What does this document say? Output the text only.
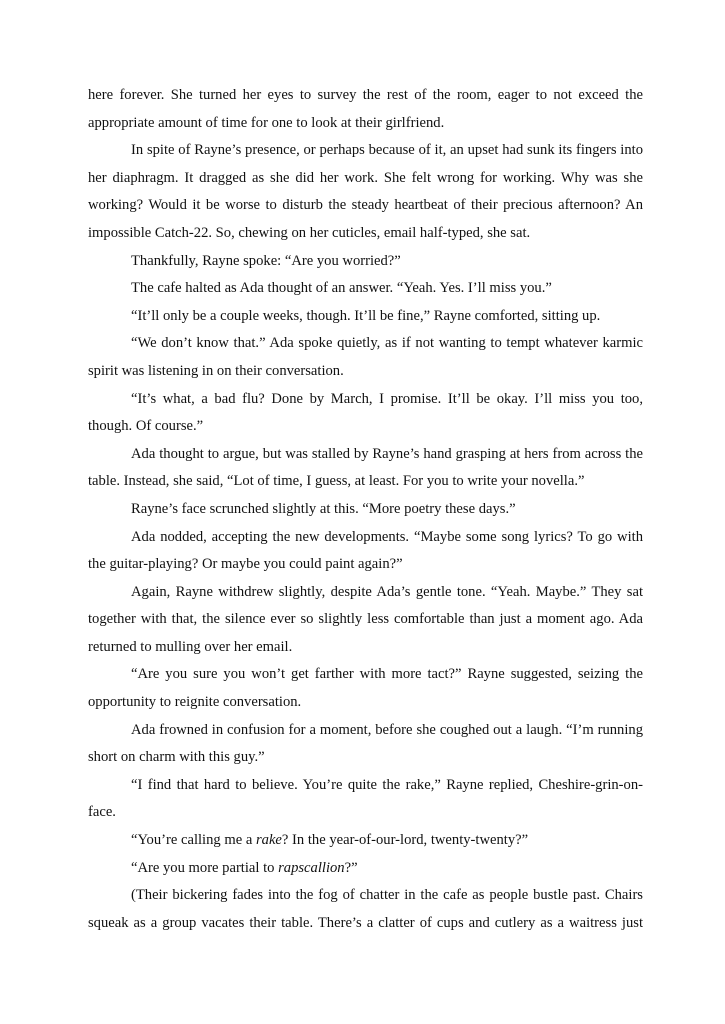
here forever. She turned her eyes to survey the rest of the room, eager to not exceed the appropriate amount of time for one to look at their girlfriend.

In spite of Rayne’s presence, or perhaps because of it, an upset had sunk its fingers into her diaphragm. It dragged as she did her work. She felt wrong for working. Why was she working? Would it be worse to disturb the steady heartbeat of their precious afternoon? An impossible Catch-22. So, chewing on her cuticles, email half-typed, she sat.

Thankfully, Rayne spoke: “Are you worried?”

The cafe halted as Ada thought of an answer. “Yeah. Yes. I’ll miss you.”

“It’ll only be a couple weeks, though. It’ll be fine,” Rayne comforted, sitting up.

“We don’t know that.” Ada spoke quietly, as if not wanting to tempt whatever karmic spirit was listening in on their conversation.

“It’s what, a bad flu? Done by March, I promise. It’ll be okay. I’ll miss you too, though. Of course.”

Ada thought to argue, but was stalled by Rayne’s hand grasping at hers from across the table. Instead, she said, “Lot of time, I guess, at least. For you to write your novella.”

Rayne’s face scrunched slightly at this. “More poetry these days.”

Ada nodded, accepting the new developments. “Maybe some song lyrics? To go with the guitar-playing? Or maybe you could paint again?”

Again, Rayne withdrew slightly, despite Ada’s gentle tone. “Yeah. Maybe.” They sat together with that, the silence ever so slightly less comfortable than just a moment ago. Ada returned to mulling over her email.

“Are you sure you won’t get farther with more tact?” Rayne suggested, seizing the opportunity to reignite conversation.

Ada frowned in confusion for a moment, before she coughed out a laugh. “I’m running short on charm with this guy.”

“I find that hard to believe. You’re quite the rake,” Rayne replied, Cheshire-grin-on-face.

“You’re calling me a rake? In the year-of-our-lord, twenty-twenty?”

“Are you more partial to rapscallion?”

(Their bickering fades into the fog of chatter in the cafe as people bustle past. Chairs squeak as a group vacates their table. There’s a clatter of cups and cutlery as a waitress just
